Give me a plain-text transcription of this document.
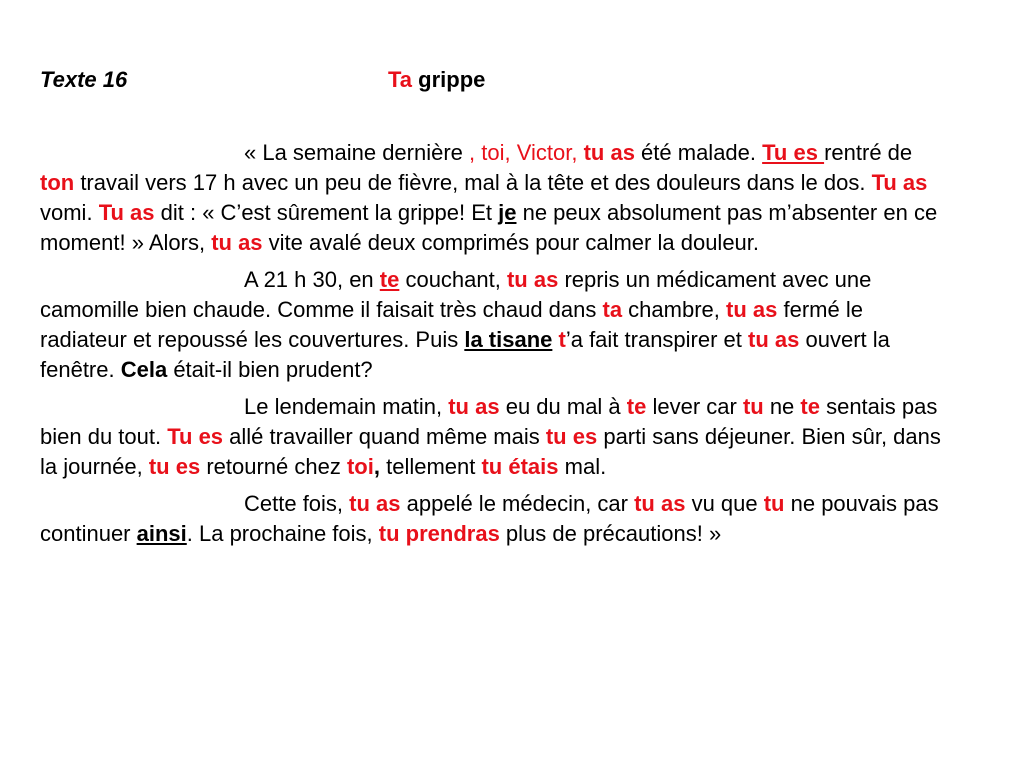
Texte 16	Ta grippe

« La semaine dernière , toi, Victor, tu as été malade. Tu es rentré de ton travail vers 17 h avec un peu de fièvre, mal à la tête et des douleurs dans le dos. Tu as vomi. Tu as dit : « C’est sûrement la grippe! Et je ne peux absolument pas m’absenter en ce moment! » Alors, tu as vite avalé deux comprimés pour calmer la douleur.

A 21 h 30, en te couchant, tu as repris un médicament avec une camomille bien chaude. Comme il faisait très chaud dans ta chambre, tu as fermé le radiateur et repoussé les couvertures. Puis la tisane t’a fait transpirer et tu as ouvert la fenêtre. Cela était-il bien prudent?

Le lendemain matin, tu as eu du mal à te lever car tu ne te sentais pas bien du tout. Tu es allé travailler quand même mais tu es parti sans déjeuner. Bien sûr, dans la journée, tu es retourné chez toi, tellement tu étais mal.

Cette fois, tu as appelé le médecin, car tu as vu que tu ne pouvais pas continuer ainsi. La prochaine fois, tu prendras plus de précautions! »
